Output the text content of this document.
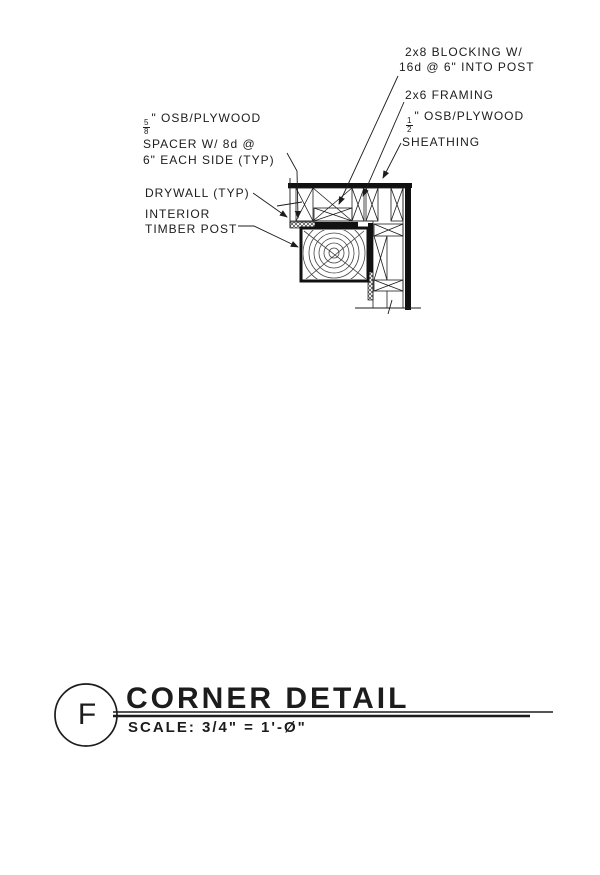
2x8 BLOCKING W/
16d @ 6" INTO POST
2x6 FRAMING
$\frac{1}{2}$
" OSB/PLYWOOD
SHEATHING
$\frac{5}{8}$
" OSB/PLYWOOD
SPACER W/ 8d @
6" EACH SIDE (TYP)
DRYWALL (TYP)
INTERIOR
TIMBER POST
F CORNER DETAIL
SCALE: 3/4" = 1'-Ø"
